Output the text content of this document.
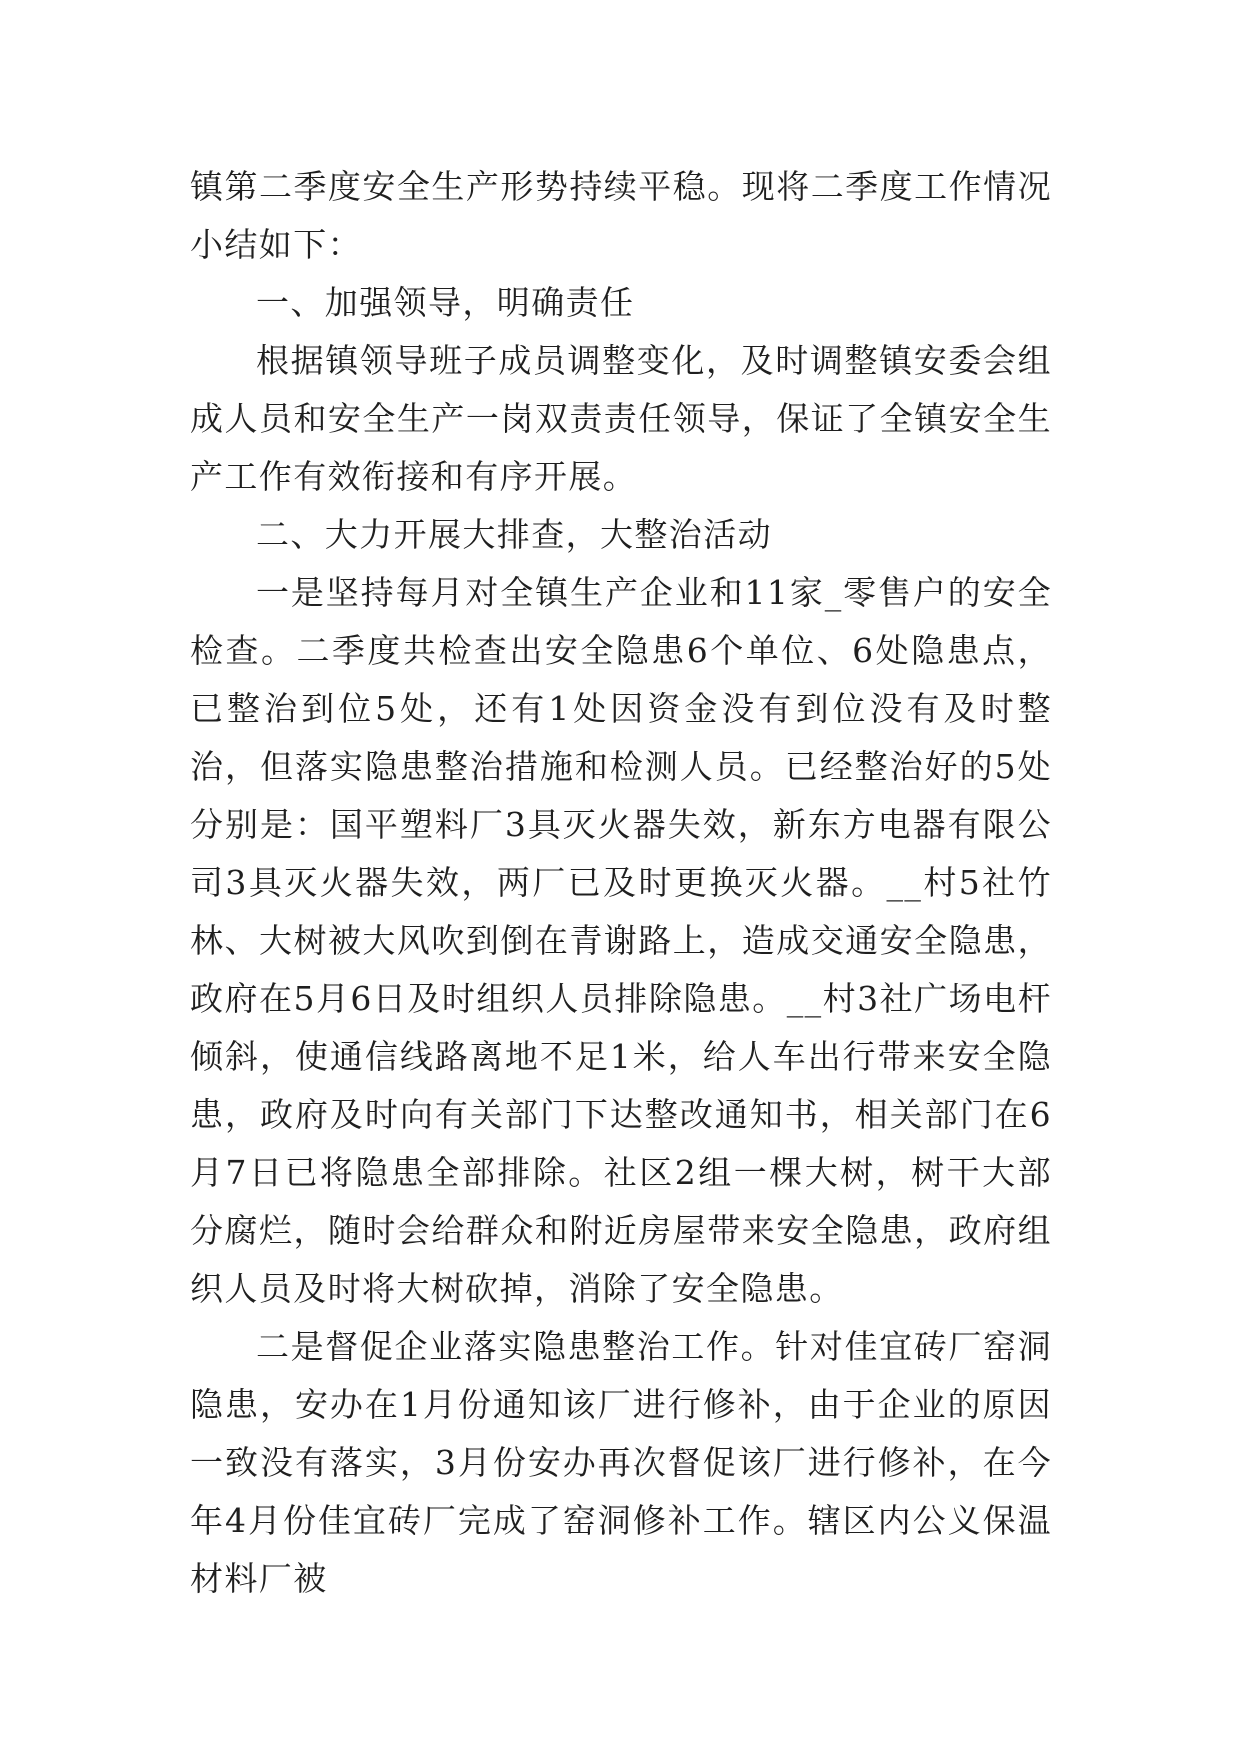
镇第二季度安全生产形势持续平稳。现将二季度工作情况小结如下：

一、加强领导，明确责任

根据镇领导班子成员调整变化，及时调整镇安委会组成人员和安全生产一岗双责责任领导，保证了全镇安全生产工作有效衔接和有序开展。

二、大力开展大排查，大整治活动

一是坚持每月对全镇生产企业和11家_零售户的安全检查。二季度共检查出安全隐患6个单位、6处隐患点，已整治到位5处，还有1处因资金没有到位没有及时整治，但落实隐患整治措施和检测人员。已经整治好的5处分别是：国平塑料厂3具灭火器失效，新东方电器有限公司3具灭火器失效，两厂已及时更换灭火器。__村5社竹林、大树被大风吹到倒在青谢路上，造成交通安全隐患，政府在5月6日及时组织人员排除隐患。__村3社广场电杆倾斜，使通信线路离地不足1米，给人车出行带来安全隐患，政府及时向有关部门下达整改通知书，相关部门在6月7日已将隐患全部排除。社区2组一棵大树，树干大部分腐烂，随时会给群众和附近房屋带来安全隐患，政府组织人员及时将大树砍掉，消除了安全隐患。

二是督促企业落实隐患整治工作。针对佳宜砖厂窑洞隐患，安办在1月份通知该厂进行修补，由于企业的原因一致没有落实，3月份安办再次督促该厂进行修补，在今年4月份佳宜砖厂完成了窑洞修补工作。辖区内公义保温材料厂被
